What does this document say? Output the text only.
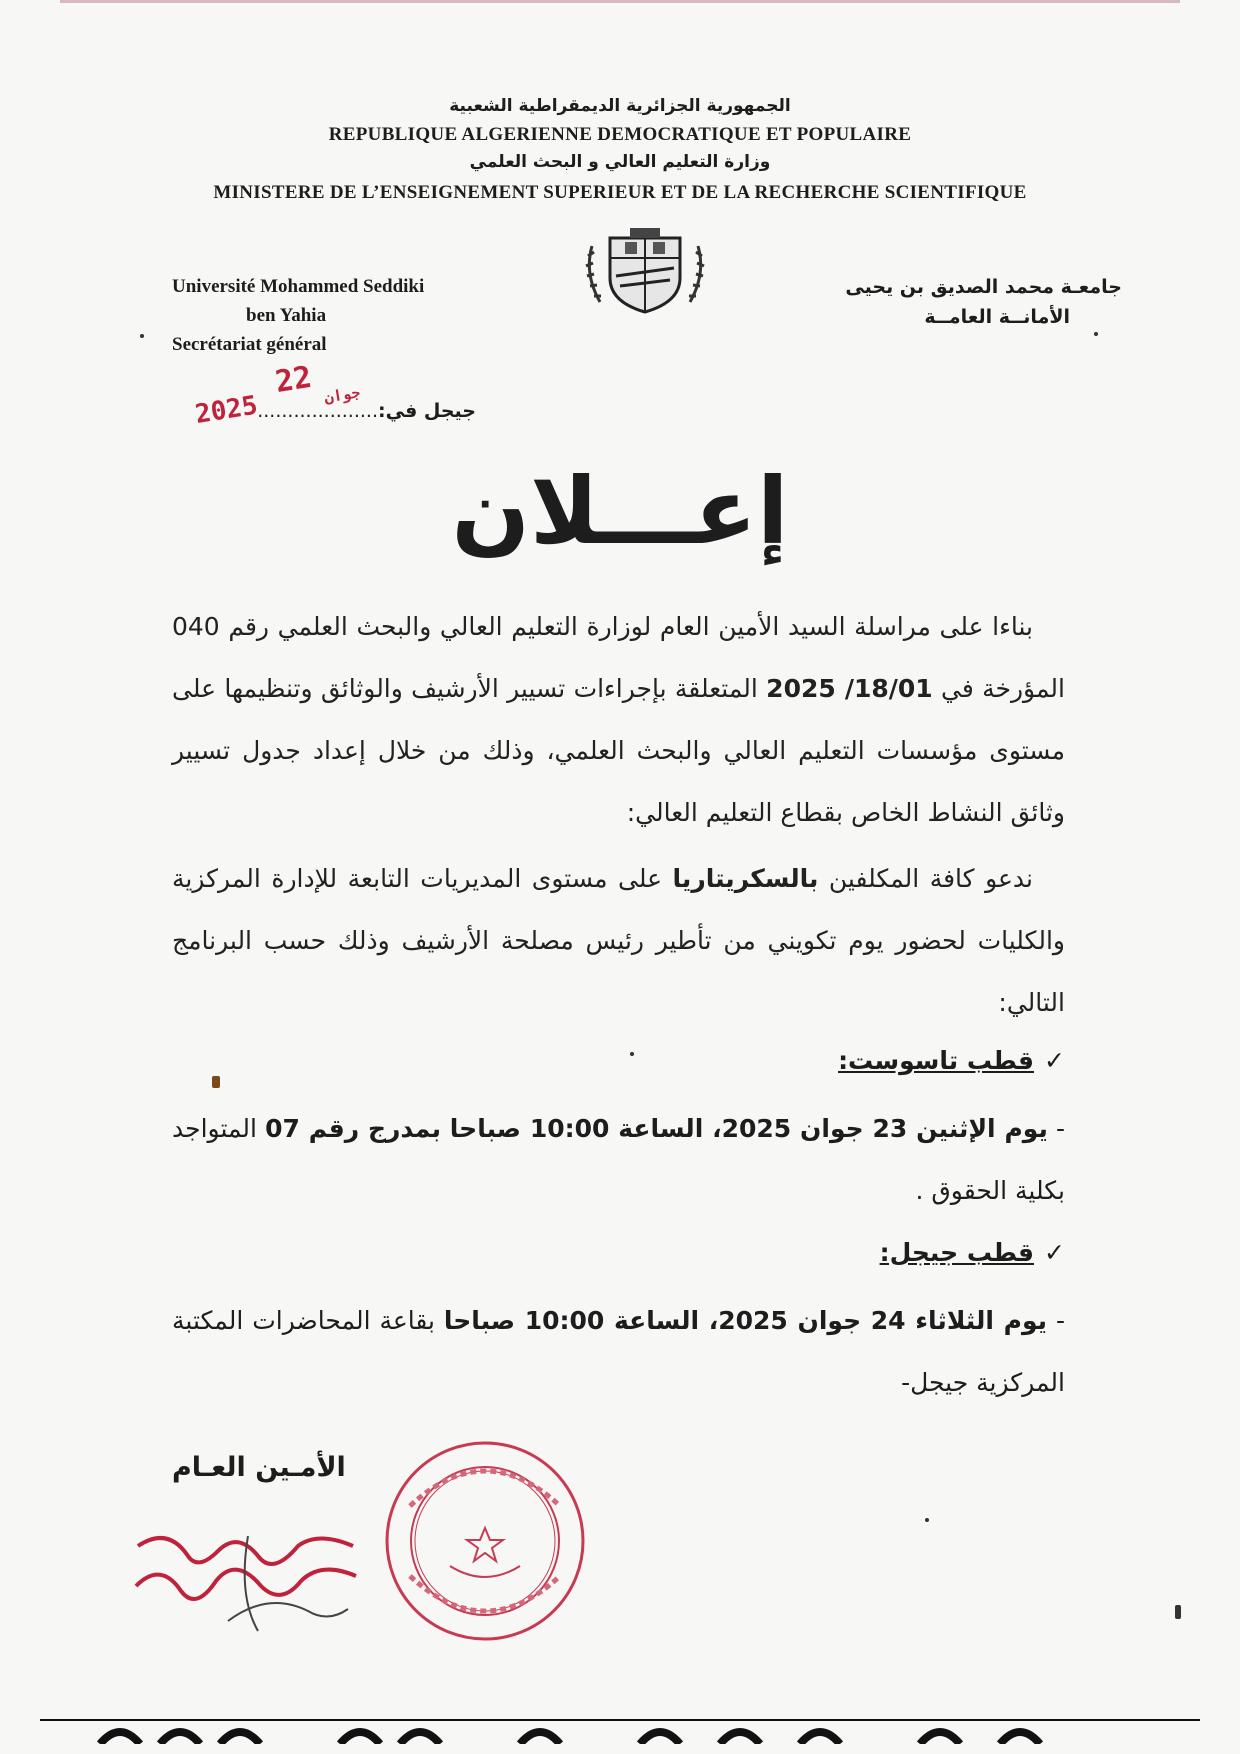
الجمهورية الجزائرية الديمقراطية الشعبية
REPUBLIQUE ALGERIENNE DEMOCRATIQUE ET POPULAIRE
وزارة التعليم العالي و البحث العلمي
MINISTERE DE L’ENSEIGNEMENT SUPERIEUR ET DE LA RECHERCHE SCIENTIFIQUE
Université Mohammed Seddiki
ben Yahia
Secrétariat général
جامعـة محمد الصديق بن يحيى
الأمانــة العامــة
جيجل في:....................
2025	جوان 22
إعـــلان
بناءا على مراسلة السيد الأمين العام لوزارة التعليم العالي والبحث العلمي رقم 040 المؤرخة في 18/01/ 2025 المتعلقة بإجراءات تسيير الأرشيف والوثائق وتنظيمها على مستوى مؤسسات التعليم العالي والبحث العلمي، وذلك من خلال إعداد جدول تسيير وثائق النشاط الخاص بقطاع التعليم العالي:
ندعو كافة المكلفين بالسكريتاريا على مستوى المديريات التابعة للإدارة المركزية والكليات لحضور يوم تكويني من تأطير رئيس مصلحة الأرشيف وذلك حسب البرنامج التالي:
✓قطب تاسوست:
- يوم الإثنين 23 جوان 2025، الساعة 10:00 صباحا بمدرج رقم 07 المتواجد بكلية الحقوق .
✓قطب جيجل:
- يوم الثلاثاء 24 جوان 2025، الساعة 10:00 صباحا بقاعة المحاضرات المكتبة المركزية جيجل-
الأمـين العـام
